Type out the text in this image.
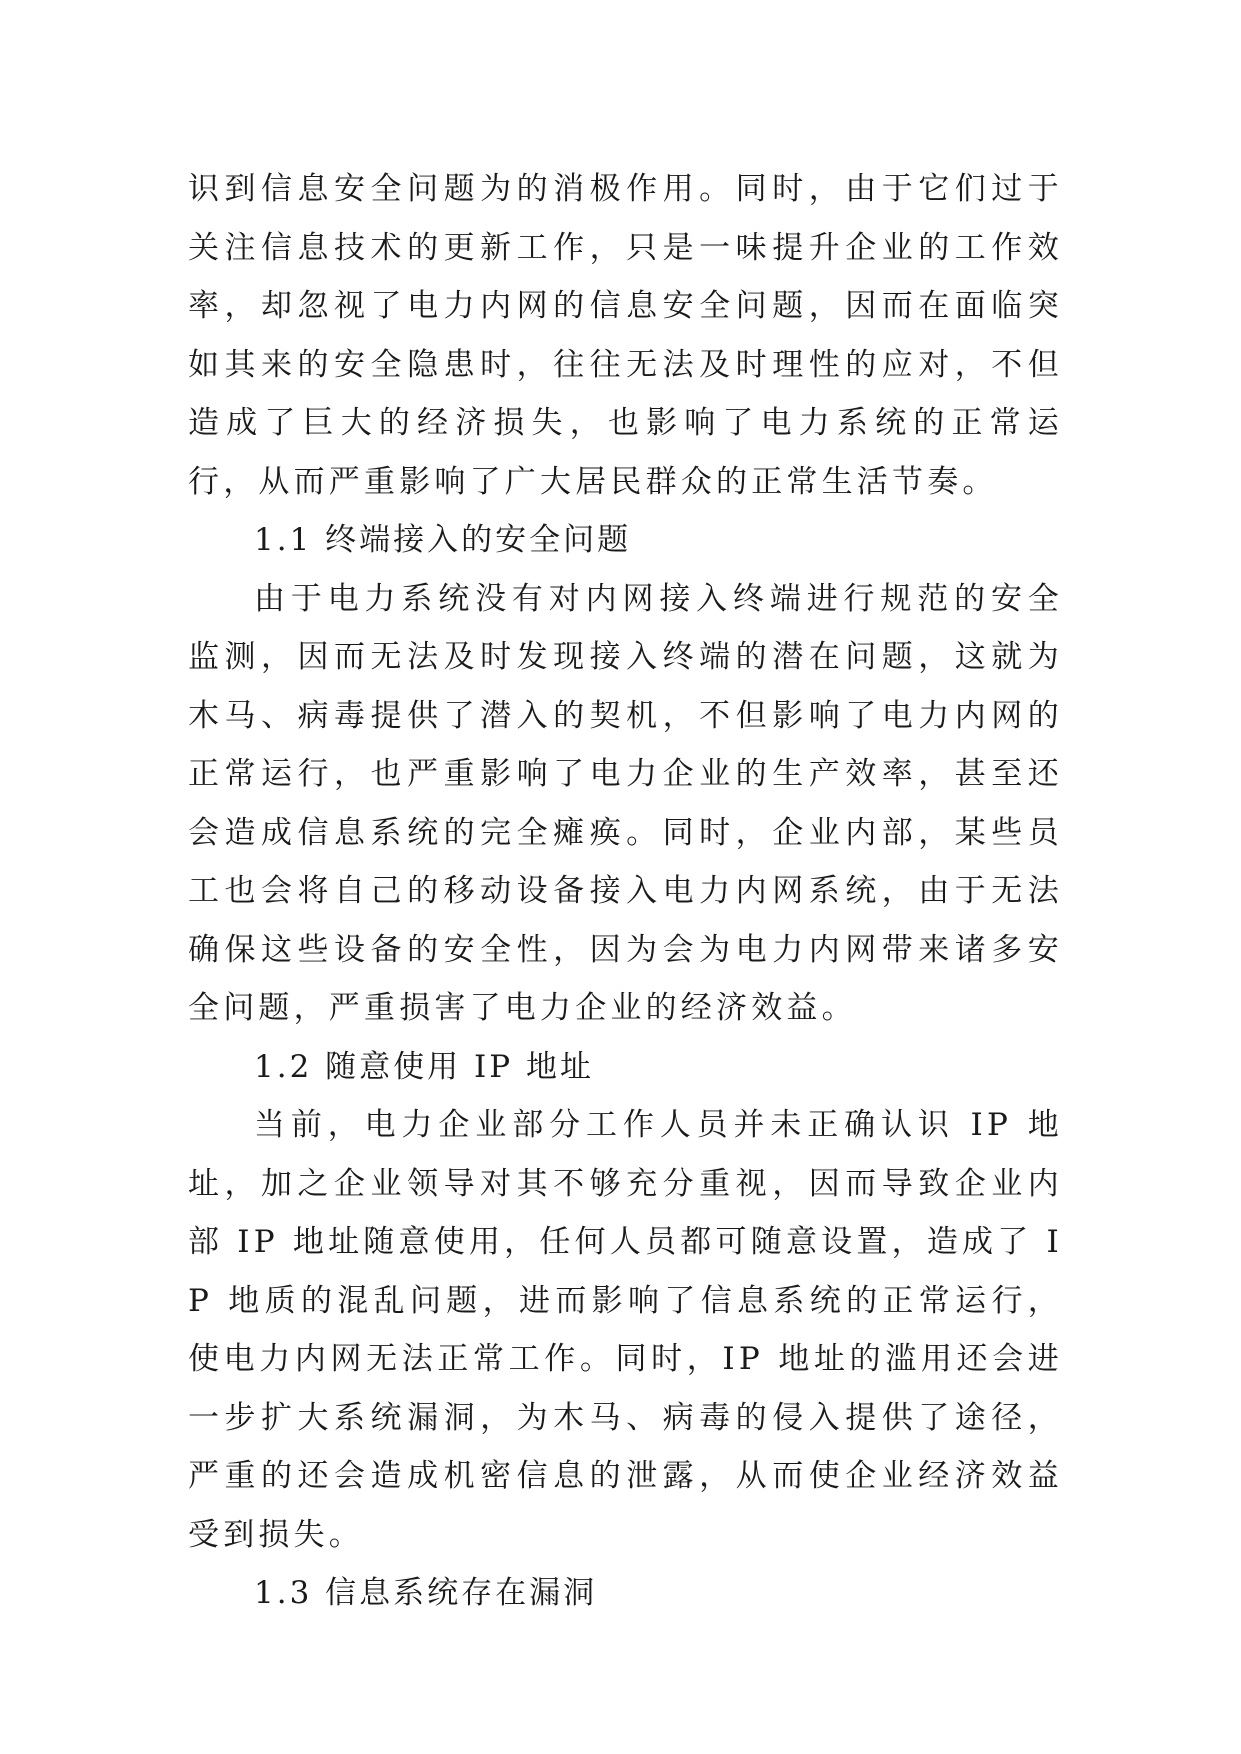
识到信息安全问题为的消极作用。同时，由于它们过于关注信息技术的更新工作，只是一味提升企业的工作效率，却忽视了电力内网的信息安全问题，因而在面临突如其来的安全隐患时，往往无法及时理性的应对，不但造成了巨大的经济损失，也影响了电力系统的正常运行，从而严重影响了广大居民群众的正常生活节奏。

1.1 终端接入的安全问题

由于电力系统没有对内网接入终端进行规范的安全监测，因而无法及时发现接入终端的潜在问题，这就为木马、病毒提供了潜入的契机，不但影响了电力内网的正常运行，也严重影响了电力企业的生产效率，甚至还会造成信息系统的完全瘫痪。同时，企业内部，某些员工也会将自己的移动设备接入电力内网系统，由于无法确保这些设备的安全性，因为会为电力内网带来诸多安全问题，严重损害了电力企业的经济效益。

1.2 随意使用 IP 地址

当前，电力企业部分工作人员并未正确认识 IP 地址，加之企业领导对其不够充分重视，因而导致企业内部 IP 地址随意使用，任何人员都可随意设置，造成了 IP 地质的混乱问题，进而影响了信息系统的正常运行，使电力内网无法正常工作。同时，IP 地址的滥用还会进一步扩大系统漏洞，为木马、病毒的侵入提供了途径，严重的还会造成机密信息的泄露，从而使企业经济效益受到损失。

1.3 信息系统存在漏洞
